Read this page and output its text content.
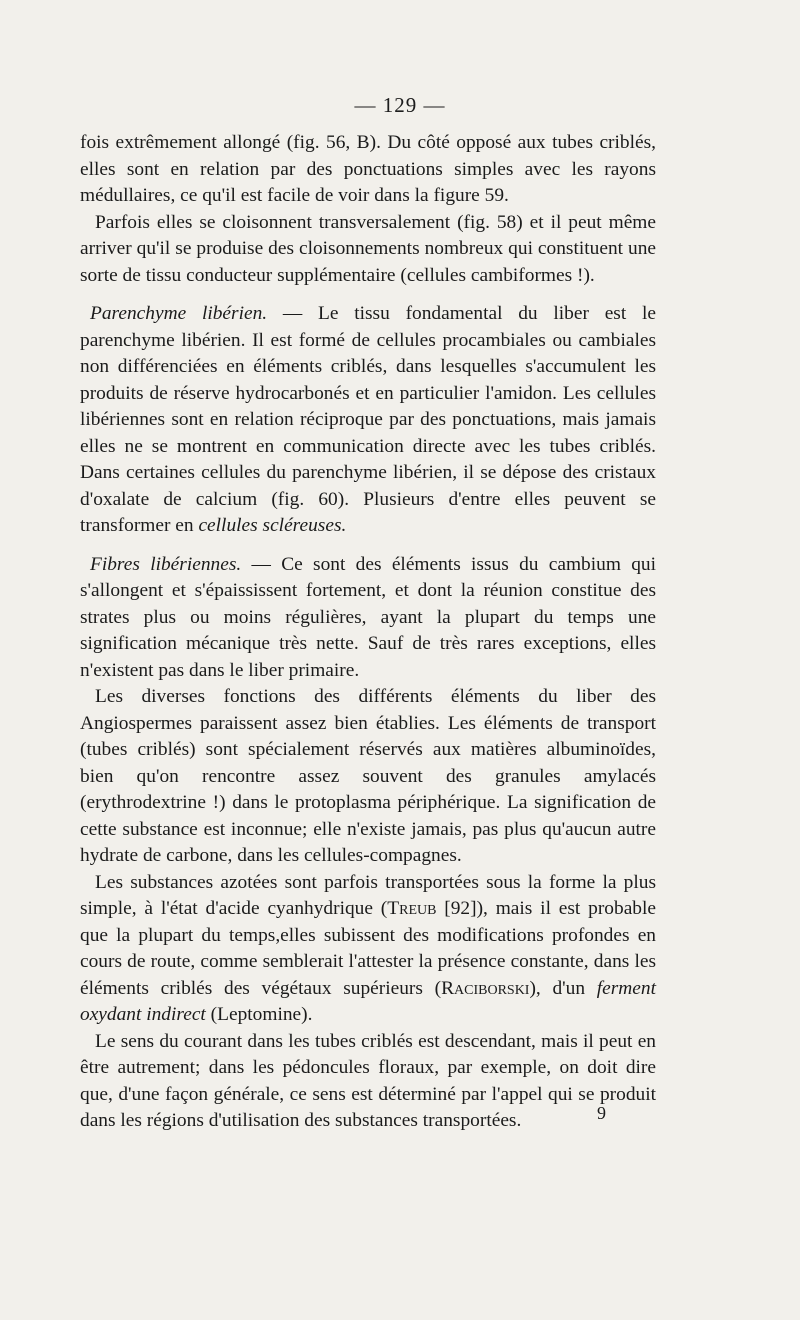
— 129 —

fois extrêmement allongé (fig. 56, B). Du côté opposé aux tubes criblés, elles sont en relation par des ponctuations simples avec les rayons médullaires, ce qu'il est facile de voir dans la figure 59.

Parfois elles se cloisonnent transversalement (fig. 58) et il peut même arriver qu'il se produise des cloisonnements nombreux qui constituent une sorte de tissu conducteur supplémentaire (cellules cambiformes !).

Parenchyme libérien. — Le tissu fondamental du liber est le parenchyme libérien. Il est formé de cellules procambiales ou cambiales non différenciées en éléments criblés, dans lesquelles s'accumulent les produits de réserve hydrocarbonés et en particulier l'amidon. Les cellules libériennes sont en relation réciproque par des ponctuations, mais jamais elles ne se montrent en communication directe avec les tubes criblés. Dans certaines cellules du parenchyme libérien, il se dépose des cristaux d'oxalate de calcium (fig. 60). Plusieurs d'entre elles peuvent se transformer en cellules scléreuses.

Fibres libériennes. — Ce sont des éléments issus du cambium qui s'allongent et s'épaississent fortement, et dont la réunion constitue des strates plus ou moins régulières, ayant la plupart du temps une signification mécanique très nette. Sauf de très rares exceptions, elles n'existent pas dans le liber primaire.

Les diverses fonctions des différents éléments du liber des Angiospermes paraissent assez bien établies. Les éléments de transport (tubes criblés) sont spécialement réservés aux matières albuminoïdes, bien qu'on rencontre assez souvent des granules amylacés (erythrodextrine !) dans le protoplasma périphérique. La signification de cette substance est inconnue; elle n'existe jamais, pas plus qu'aucun autre hydrate de carbone, dans les cellules-compagnes.

Les substances azotées sont parfois transportées sous la forme la plus simple, à l'état d'acide cyanhydrique (Treub [92]), mais il est probable que la plupart du temps,elles subissent des modifications profondes en cours de route, comme semblerait l'attester la présence constante, dans les éléments criblés des végétaux supérieurs (Raciborski), d'un ferment oxydant indirect (Leptomine).

Le sens du courant dans les tubes criblés est descendant, mais il peut en être autrement; dans les pédoncules floraux, par exemple, on doit dire que, d'une façon générale, ce sens est déterminé par l'appel qui se produit dans les régions d'utilisation des substances transportées.	9
